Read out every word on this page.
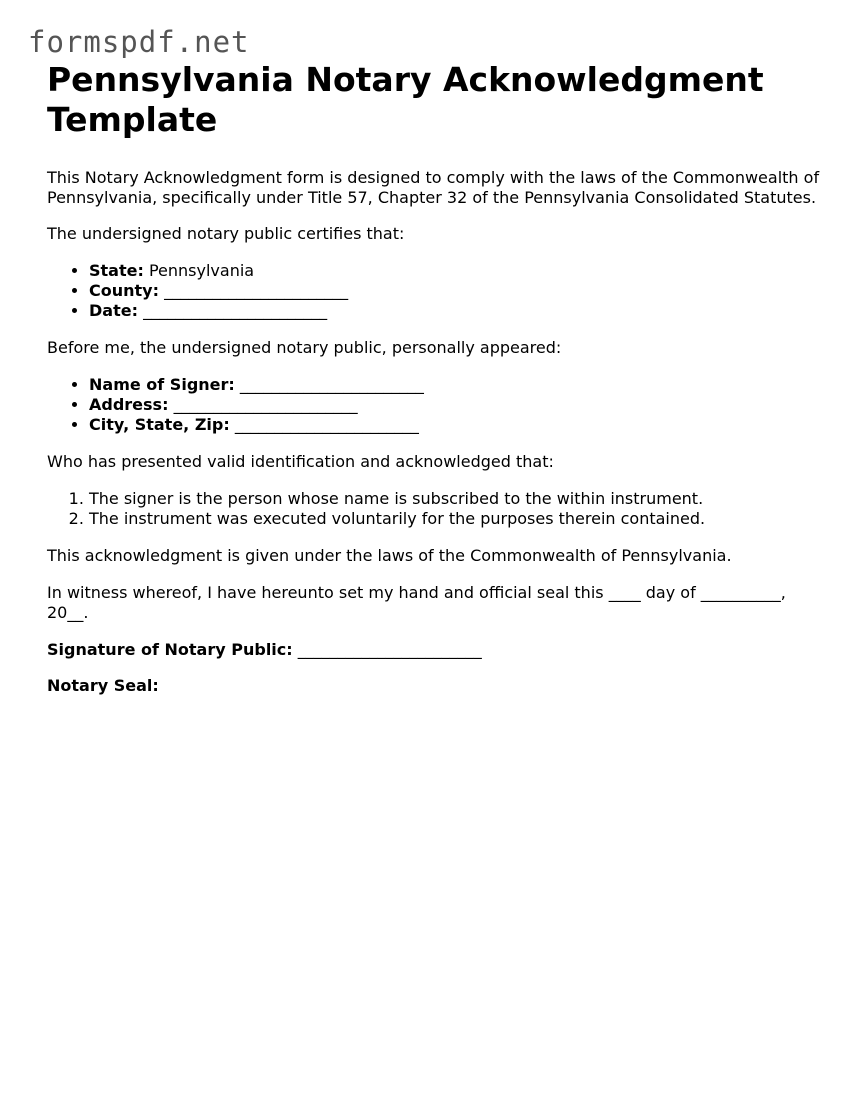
formspdf.net
Pennsylvania Notary Acknowledgment Template

This Notary Acknowledgment form is designed to comply with the laws of the Commonwealth of Pennsylvania, specifically under Title 57, Chapter 32 of the Pennsylvania Consolidated Statutes.

The undersigned notary public certifies that:

• State: Pennsylvania
• County: _______________________
• Date: _______________________

Before me, the undersigned notary public, personally appeared:

• Name of Signer: _______________________
• Address: _______________________
• City, State, Zip: _______________________

Who has presented valid identification and acknowledged that:

1. The signer is the person whose name is subscribed to the within instrument.
2. The instrument was executed voluntarily for the purposes therein contained.

This acknowledgment is given under the laws of the Commonwealth of Pennsylvania.

In witness whereof, I have hereunto set my hand and official seal this ____ day of __________, 20__.

Signature of Notary Public: _______________________

Notary Seal:
